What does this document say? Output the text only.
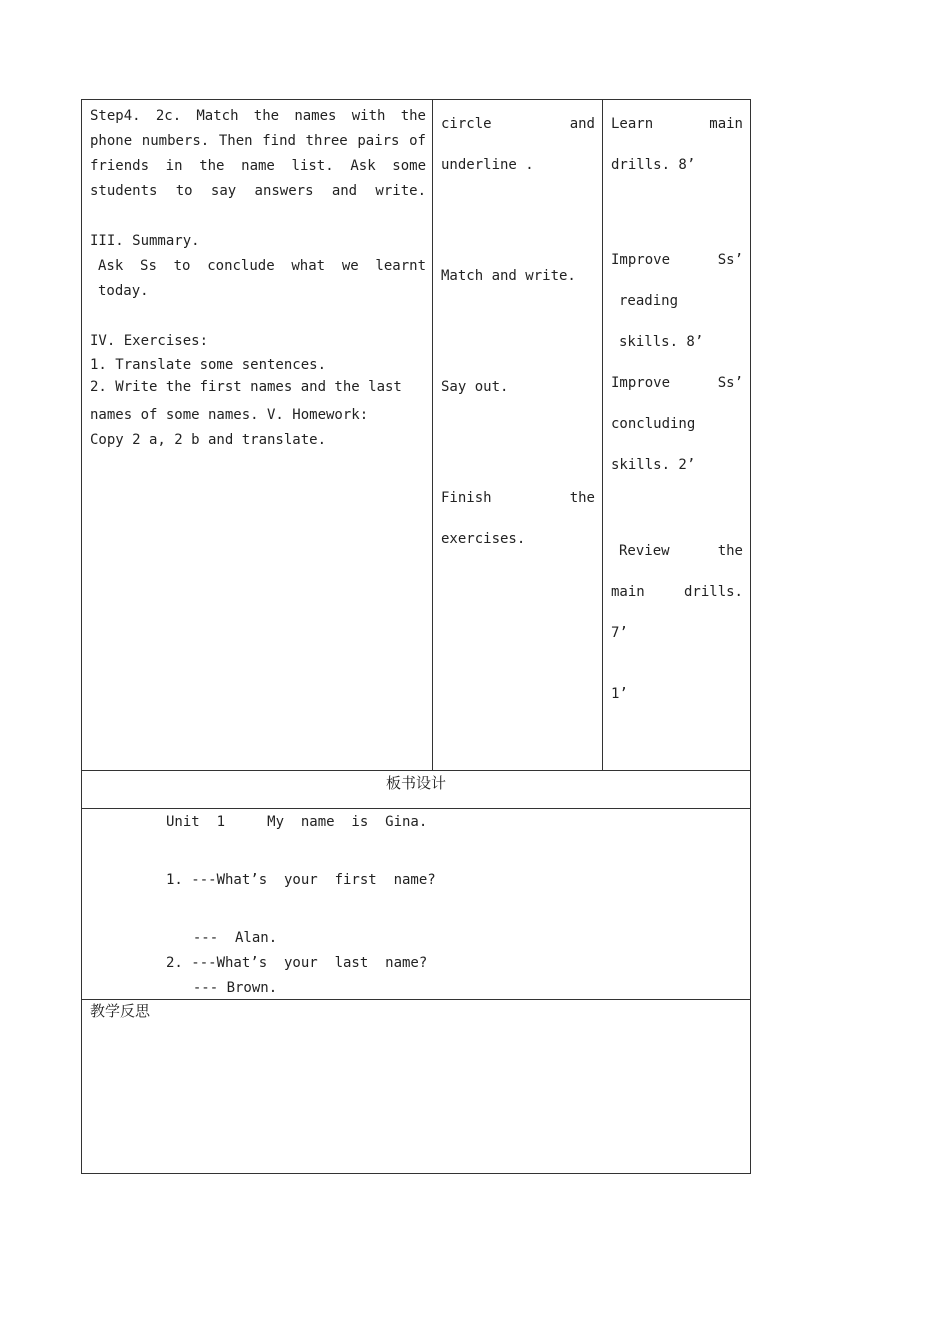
Step4. 2c. Match the names with the phone numbers. Then find three pairs of friends in the name list. Ask some students to say answers and write.

III. Summary.

Ask Ss to conclude what we learnt today.

IV. Exercises:

1. Translate some sentences.

2. Write the first names and the last

names of some names. V. Homework:

Copy 2 a, 2 b and translate.

circle and

underline .

Match and write.

Say out.

Finish the

exercises.

Learn main

drills. 8’

Improve Ss’

reading

skills. 8’

Improve Ss’

concluding

skills. 2’

Review the

main drills.

7’

1’

板书设计

Unit  1     My  name  is  Gina.

1. ---What’s  your  first  name?

---  Alan.

2. ---What’s  your  last  name?

--- Brown.

教学反思
